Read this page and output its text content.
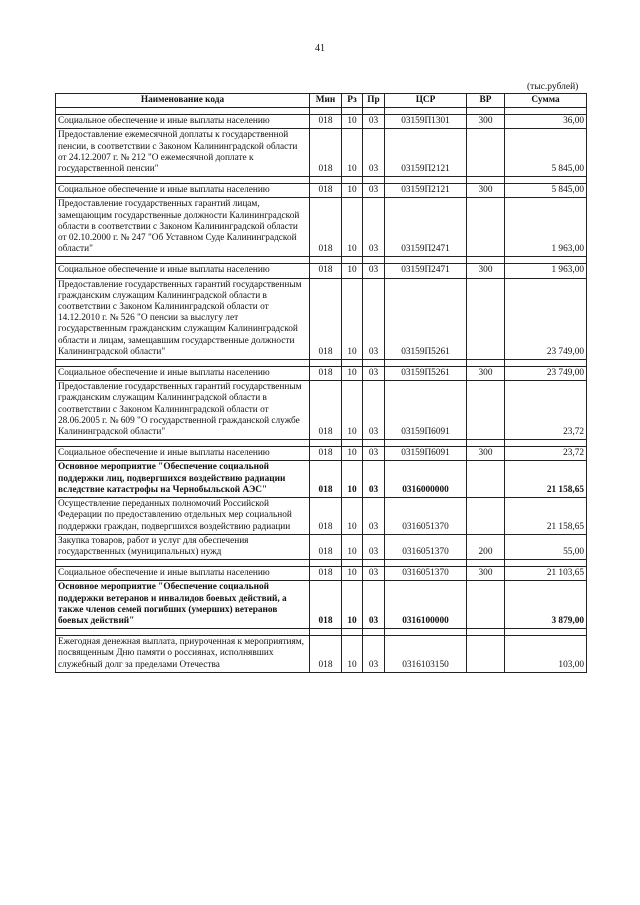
41
(тыс.рублей)
Наименование кода	Мин	Рз	Пр	ЦСР	ВР	Сумма

Социальное обеспечение и иные выплаты населению	018	10	03	03159П1301	300	36,00
Предоставление ежемесячной доплаты к государственной пенсии, в соответствии с Законом Калининградской области от 24.12.2007 г. № 212 "О ежемесячной доплате к государственной пенсии"	018	10	03	03159П2121		5 845,00

Социальное обеспечение и иные выплаты населению	018	10	03	03159П2121	300	5 845,00
Предоставление государственных гарантий лицам, замещающим государственные должности Калининградской области в соответствии с Законом Калининградской области от 02.10.2000 г. № 247 "Об Уставном Суде Калининградской области"	018	10	03	03159П2471		1 963,00

Социальное обеспечение и иные выплаты населению	018	10	03	03159П2471	300	1 963,00
Предоставление государственных гарантий государственным гражданским служащим Калининградской области в соответствии с Законом Калининградской области от 14.12.2010 г. № 526 "О пенсии за выслугу лет государственным гражданским служащим Калининградской области и лицам, замещавшим государственные должности Калининградской области"	018	10	03	03159П5261		23 749,00

Социальное обеспечение и иные выплаты населению	018	10	03	03159П5261	300	23 749,00
Предоставление государственных гарантий государственным гражданским служащим Калининградской области в соответствии с Законом Калининградской области от 28.06.2005 г. № 609 "О государственной гражданской службе Калининградской области"	018	10	03	03159П6091		23,72

Социальное обеспечение и иные выплаты населению	018	10	03	03159П6091	300	23,72
Основное мероприятие "Обеспечение социальной поддержки лиц, подвергшихся воздействию радиации вследствие катастрофы на Чернобыльской АЭС"	018	10	03	0316000000		21 158,65
Осуществление переданных полномочий Российской Федерации по предоставлению отдельных мер социальной поддержки граждан, подвергшихся воздействию радиации	018	10	03	0316051370		21 158,65
Закупка товаров, работ и услуг для обеспечения государственных (муниципальных) нужд	018	10	03	0316051370	200	55,00

Социальное обеспечение и иные выплаты населению	018	10	03	0316051370	300	21 103,65
Основное мероприятие "Обеспечение социальной поддержки ветеранов и инвалидов боевых действий, а также членов семей погибших (умерших) ветеранов боевых действий"	018	10	03	0316100000		3 879,00

Ежегодная денежная выплата, приуроченная к мероприятиям, посвященным Дню памяти о россиянах, исполнявших служебный долг за пределами Отечества	018	10	03	0316103150		103,00
